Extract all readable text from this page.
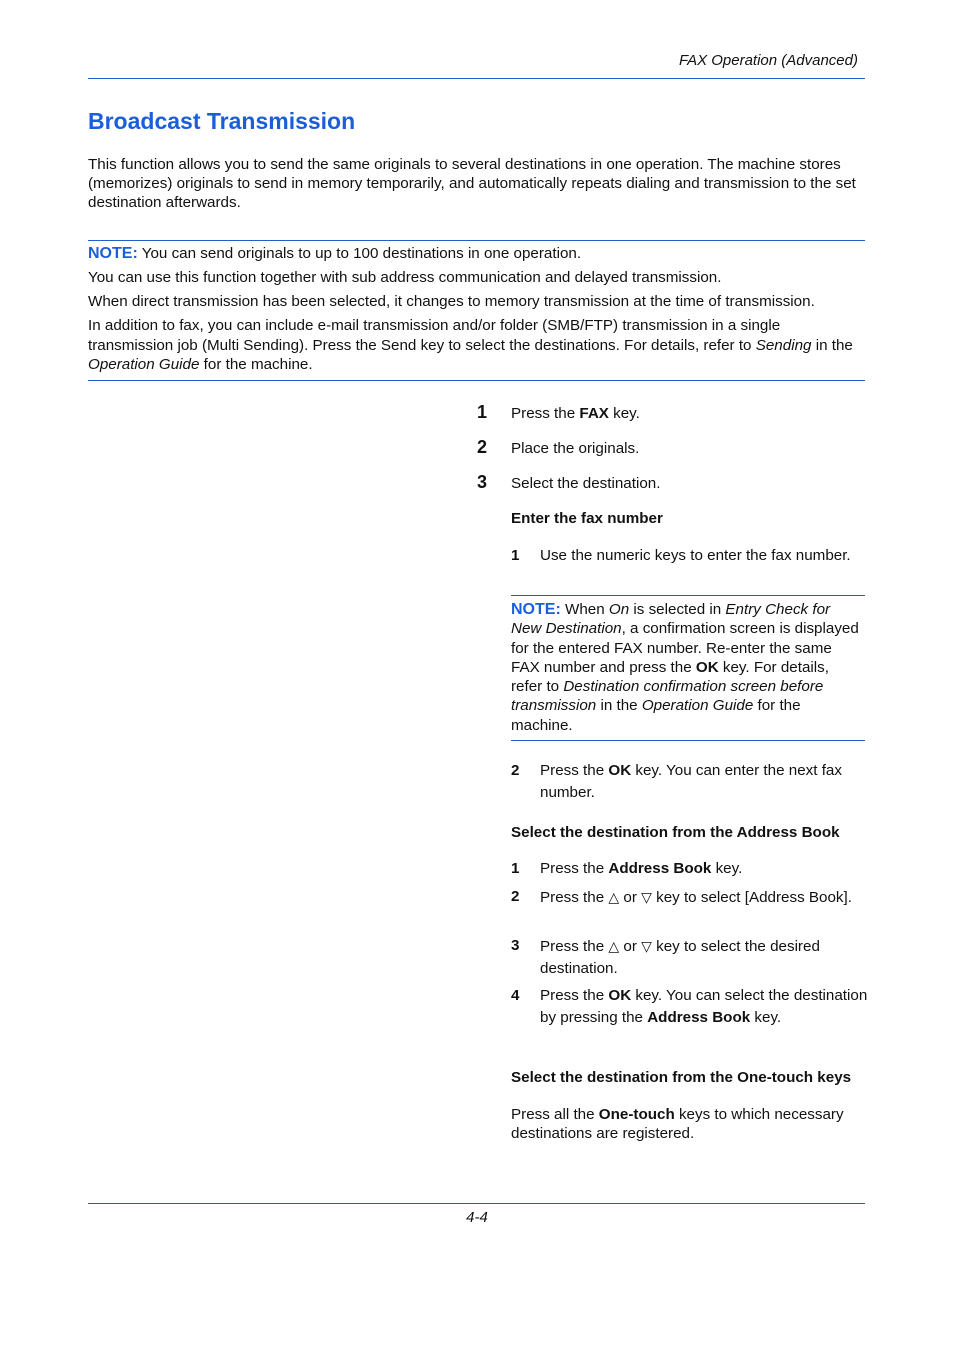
FAX Operation (Advanced)
Broadcast Transmission
This function allows you to send the same originals to several destinations in one operation. The machine stores (memorizes) originals to send in memory temporarily, and automatically repeats dialing and transmission to the set destination afterwards.

NOTE: You can send originals to up to 100 destinations in one operation.

You can use this function together with sub address communication and delayed transmission.

When direct transmission has been selected, it changes to memory transmission at the time of transmission.

In addition to fax, you can include e-mail transmission and/or folder (SMB/FTP) transmission in a single transmission job (Multi Sending). Press the Send key to select the destinations. For details, refer to Sending in the Operation Guide for the machine.

1 Press the FAX key.
2 Place the originals.
3 Select the destination.
Enter the fax number
1 Use the numeric keys to enter the fax number.
NOTE: When On is selected in Entry Check for New Destination, a confirmation screen is displayed for the entered FAX number. Re-enter the same FAX number and press the OK key. For details, refer to Destination confirmation screen before transmission in the Operation Guide for the machine.
2 Press the OK key. You can enter the next fax number.
Select the destination from the Address Book
1 Press the Address Book key.
2 Press the △ or ▽ key to select [Address Book].
3 Press the △ or ▽ key to select the desired destination.
4 Press the OK key. You can select the destination by pressing the Address Book key.
Select the destination from the One-touch keys
Press all the One-touch keys to which necessary destinations are registered.
4-4
